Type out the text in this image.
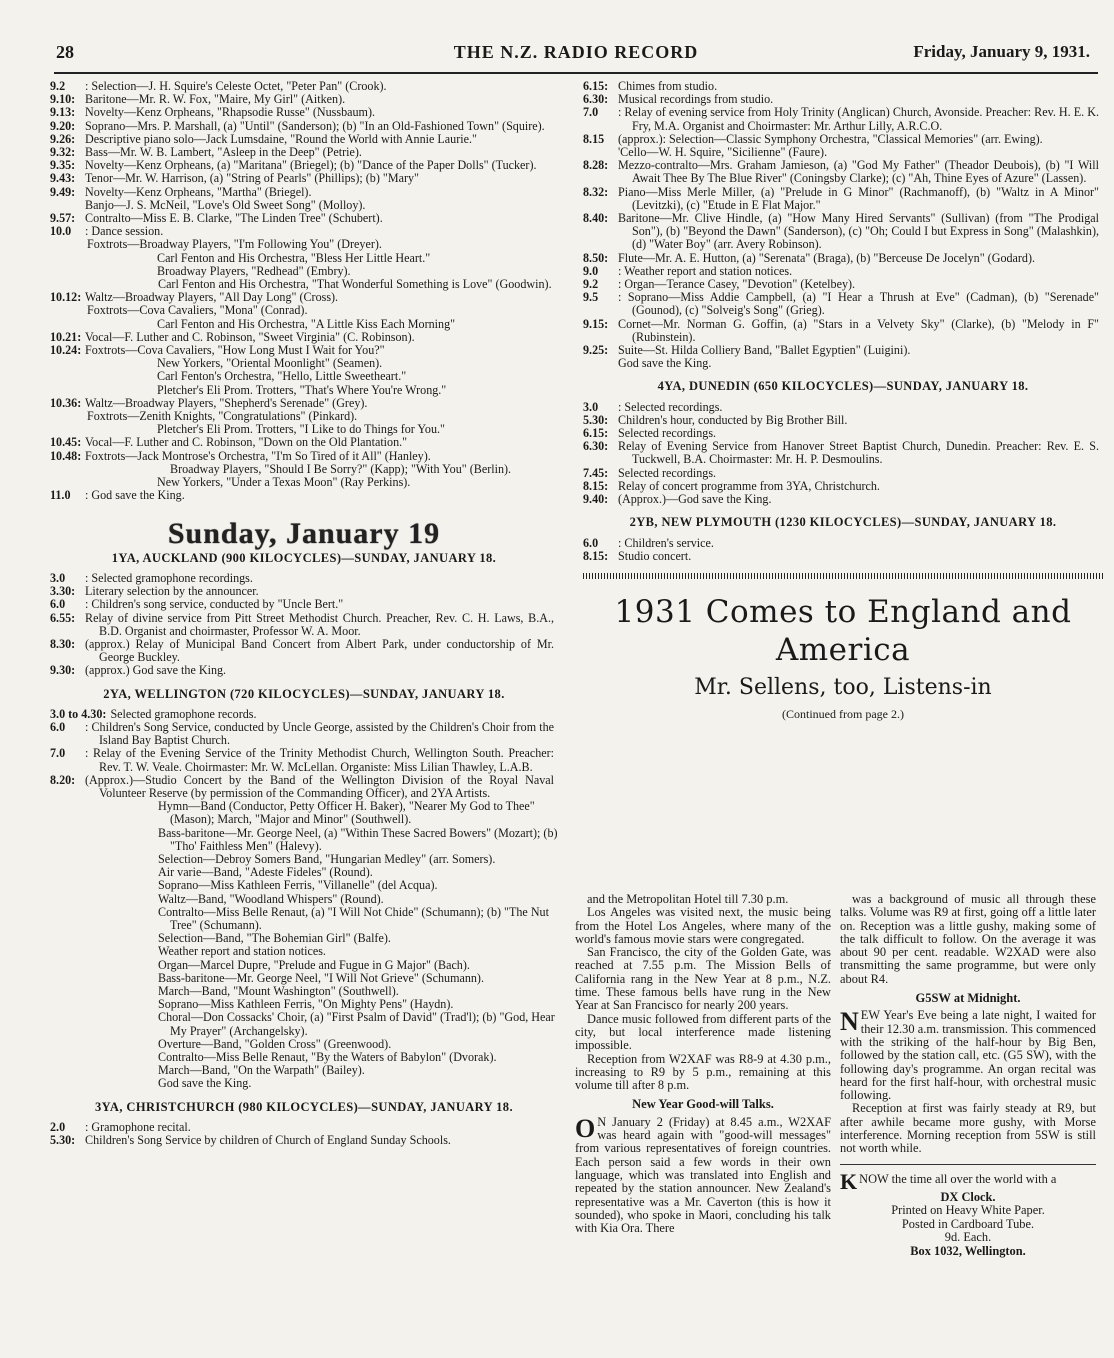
28	THE N.Z. RADIO RECORD	Friday, January 9, 1931.
9.2	: Selection—J. H. Squire's Celeste Octet, "Peter Pan" (Crook).
9.10: Baritone—Mr. R. W. Fox, "Maire, My Girl" (Aitken).
9.13: Novelty—Kenz Orpheans, "Rhapsodie Russe" (Nussbaum).
9.20: Soprano—Mrs. P. Marshall, (a) "Until" (Sanderson); (b) "In an Old-Fashioned Town" (Squire).
9.26: Descriptive piano solo—Jack Lumsdaine, "Round the World with Annie Laurie."
9.32: Bass—Mr. W. B. Lambert, "Asleep in the Deep" (Petrie).
9.35: Novelty—Kenz Orpheans, (a) "Maritana" (Briegel); (b) "Dance of the Paper Dolls" (Tucker).
9.43: Tenor—Mr. W. Harrison, (a) "String of Pearls" (Phillips); (b) "Mary"
9.49: Novelty—Kenz Orpheans, "Martha" (Briegel).
Banjo—J. S. McNeil, "Love's Old Sweet Song" (Molloy).
9.57: Contralto—Miss E. B. Clarke, "The Linden Tree" (Schubert).
10.0	: Dance session.
Foxtrots—Broadway Players, "I'm Following You" (Dreyer).
Carl Fenton and His Orchestra, "Bless Her Little Heart."
Broadway Players, "Redhead" (Embry).
Carl Fenton and His Orchestra, "That Wonderful Something is Love" (Goodwin).
10.12: Waltz—Broadway Players, "All Day Long" (Cross).
Foxtrots—Cova Cavaliers, "Mona" (Conrad).
Carl Fenton and His Orchestra, "A Little Kiss Each Morning"
10.21: Vocal—F. Luther and C. Robinson, "Sweet Virginia" (C. Robinson).
10.24: Foxtrots—Cova Cavaliers, "How Long Must I Wait for You?"
New Yorkers, "Oriental Moonlight" (Seamen).
Carl Fenton's Orchestra, "Hello, Little Sweetheart."
Pletcher's Eli Prom. Trotters, "That's Where You're Wrong."
10.36: Waltz—Broadway Players, "Shepherd's Serenade" (Grey).
Foxtrots—Zenith Knights, "Congratulations" (Pinkard).
Pletcher's Eli Prom. Trotters, "I Like to do Things for You."
10.45: Vocal—F. Luther and C. Robinson, "Down on the Old Plantation."
10.48: Foxtrots—Jack Montrose's Orchestra, "I'm So Tired of it All" (Hanley).
Broadway Players, "Should I Be Sorry?" (Kapp); "With You" (Berlin).
New Yorkers, "Under a Texas Moon" (Ray Perkins).
11.0	: God save the King.
Sunday, January 19
1YA, AUCKLAND (900 KILOCYCLES)—SUNDAY, JANUARY 18.
3.0	: Selected gramophone recordings.
3.30: Literary selection by the announcer.
6.0	: Children's song service, conducted by "Uncle Bert."
6.55: Relay of divine service from Pitt Street Methodist Church. Preacher, Rev. C. H. Laws, B.A., B.D. Organist and choirmaster, Professor W. A. Moor.
8.30: (approx.) Relay of Municipal Band Concert from Albert Park, under conductorship of Mr. George Buckley.
9.30: (approx.) God save the King.
2YA, WELLINGTON (720 KILOCYCLES)—SUNDAY, JANUARY 18.
3.0 to 4.30: Selected gramophone records.
6.0	: Children's Song Service, conducted by Uncle George, assisted by the Children's Choir from the Island Bay Baptist Church.
7.0	: Relay of the Evening Service of the Trinity Methodist Church, Wellington South. Preacher: Rev. T. W. Veale. Choirmaster: Mr. W. McLellan. Organiste: Miss Lilian Thawley, L.A.B.
8.20: (Approx.)—Studio Concert by the Band of the Wellington Division of the Royal Naval Volunteer Reserve (by permission of the Commanding Officer), and 2YA Artists.
Hymn—Band (Conductor, Petty Officer H. Baker), "Nearer My God to Thee" (Mason); March, "Major and Minor" (Southwell).
Bass-baritone—Mr. George Neel, (a) "Within These Sacred Bowers" (Mozart); (b) "Tho' Faithless Men" (Halevy).
Selection—Debroy Somers Band, "Hungarian Medley" (arr. Somers).
Air varie—Band, "Adeste Fideles" (Round).
Soprano—Miss Kathleen Ferris, "Villanelle" (del Acqua).
Waltz—Band, "Woodland Whispers" (Round).
Contralto—Miss Belle Renaut, (a) "I Will Not Chide" (Schumann); (b) "The Nut Tree" (Schumann).
Selection—Band, "The Bohemian Girl" (Balfe).
Weather report and station notices.
Organ—Marcel Dupre, "Prelude and Fugue in G Major" (Bach).
Bass-baritone—Mr. George Neel, "I Will Not Grieve" (Schumann).
March—Band, "Mount Washington" (Southwell).
Soprano—Miss Kathleen Ferris, "On Mighty Pens" (Haydn).
Choral—Don Cossacks' Choir, (a) "First Psalm of David" (Trad'l); (b) "God, Hear My Prayer" (Archangelsky).
Overture—Band, "Golden Cross" (Greenwood).
Contralto—Miss Belle Renaut, "By the Waters of Babylon" (Dvorak).
March—Band, "On the Warpath" (Bailey).
God save the King.
3YA, CHRISTCHURCH (980 KILOCYCLES)—SUNDAY, JANUARY 18.
2.0	: Gramophone recital.
5.30: Children's Song Service by children of Church of England Sunday Schools.
6.15: Chimes from studio.
6.30: Musical recordings from studio.
7.0	: Relay of evening service from Holy Trinity (Anglican) Church, Avonside. Preacher: Rev. H. E. K. Fry, M.A. Organist and Choirmaster: Mr. Arthur Lilly, A.R.C.O.
8.15	(approx.): Selection—Classic Symphony Orchestra, "Classical Memories" (arr. Ewing).
'Cello—W. H. Squire, "Sicilienne" (Faure).
8.28: Mezzo-contralto—Mrs. Graham Jamieson, (a) "God My Father" (Theador Deubois), (b) "I Will Await Thee By The Blue River" (Coningsby Clarke); (c) "Ah, Thine Eyes of Azure" (Lassen).
8.32: Piano—Miss Merle Miller, (a) "Prelude in G Minor" (Rachmanoff), (b) "Waltz in A Minor" (Levitzki), (c) "Etude in E Flat Major."
8.40: Baritone—Mr. Clive Hindle, (a) "How Many Hired Servants" (Sullivan) (from "The Prodigal Son"), (b) "Beyond the Dawn" (Sanderson), (c) "Oh; Could I but Express in Song" (Malashkin), (d) "Water Boy" (arr. Avery Robinson).
8.50: Flute—Mr. A. E. Hutton, (a) "Serenata" (Braga), (b) "Berceuse De Jocelyn" (Godard).
9.0	: Weather report and station notices.
9.2	: Organ—Terance Casey, "Devotion" (Ketelbey).
9.5	: Soprano—Miss Addie Campbell, (a) "I Hear a Thrush at Eve" (Cadman), (b) "Serenade" (Gounod), (c) "Solveig's Song" (Grieg).
9.15: Cornet—Mr. Norman G. Goffin, (a) "Stars in a Velvety Sky" (Clarke), (b) "Melody in F" (Rubinstein).
9.25: Suite—St. Hilda Colliery Band, "Ballet Egyptien" (Luigini).
God save the King.
4YA, DUNEDIN (650 KILOCYCLES)—SUNDAY, JANUARY 18.
3.0	: Selected recordings.
5.30: Children's hour, conducted by Big Brother Bill.
6.15: Selected recordings.
6.30: Relay of Evening Service from Hanover Street Baptist Church, Dunedin. Preacher: Rev. E. S. Tuckwell, B.A. Choirmaster: Mr. H. P. Desmoulins.
7.45: Selected recordings.
8.15: Relay of concert programme from 3YA, Christchurch.
9.40: (Approx.)—God save the King.
2YB, NEW PLYMOUTH (1230 KILOCYCLES)—SUNDAY, JANUARY 18.
6.0	: Children's service.
8.15: Studio concert.
1931 Comes to England and America
Mr. Sellens, too, Listens-in
(Continued from page 2.)

and the Metropolitan Hotel till 7.30 p.m.

Los Angeles was visited next, the music being from the Hotel Los Angeles, where many of the world's famous movie stars were congregated.

San Francisco, the city of the Golden Gate, was reached at 7.55 p.m. The Mission Bells of California rang in the New Year at 8 p.m., N.Z. time. These famous bells have rung in the New Year at San Francisco for nearly 200 years.

Dance music followed from different parts of the city, but local interference made listening impossible.

Reception from W2XAF was R8-9 at 4.30 p.m., increasing to R9 by 5 p.m., remaining at this volume till after 8 p.m.

New Year Good-will Talks.

O N January 2 (Friday) at 8.45 a.m., W2XAF was heard again with "good-will messages" from various representatives of foreign countries. Each person said a few words in their own language, which was translated into English and repeated by the station announcer. New Zealand's representative was a Mr. Caverton (this is how it sounded), who spoke in Maori, concluding his talk with Kia Ora. There

was a background of music all through these talks. Volume was R9 at first, going off a little later on. Reception was a little gushy, making some of the talk difficult to follow. On the average it was about 90 per cent. readable. W2XAD were also transmitting the same programme, but were only about R4.

G5SW at Midnight.

NEW Year's Eve being a late night, I waited for their 12.30 a.m. transmission. This commenced with the striking of the half-hour by Big Ben, followed by the station call, etc. (G5 SW), with the following day's programme. An organ recital was heard for the first half-hour, with orchestral music following.

Reception at first was fairly steady at R9, but after awhile became more gushy, with Morse interference. Morning reception from 5SW is still not worth while.

KNOW the time all over the world with a
DX Clock.
Printed on Heavy White Paper.
Posted in Cardboard Tube.
9d. Each.
Box 1032, Wellington.
